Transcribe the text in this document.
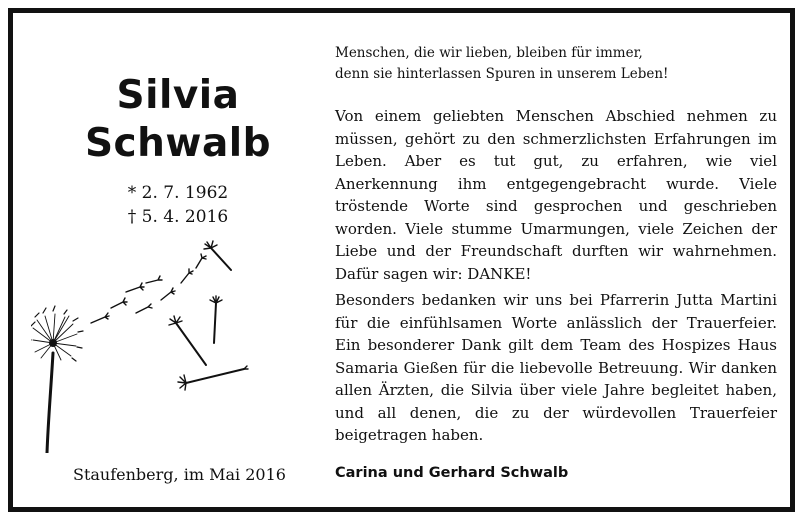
Silvia
Schwalb
* 2. 7. 1962
† 5. 4. 2016
Staufenberg, im Mai 2016
Menschen, die wir lieben, bleiben für immer,
denn sie hinterlassen Spuren in unserem Leben!
Von einem geliebten Menschen Abschied nehmen zu müssen, gehört zu den schmerzlichsten Erfahrungen im Leben. Aber es tut gut, zu erfahren, wie viel Anerkennung ihm entgegengebracht wurde. Viele tröstende Worte sind gesprochen und geschrieben worden. Viele stumme Umarmungen, viele Zeichen der Liebe und der Freundschaft durften wir wahrnehmen. Dafür sagen wir: DANKE!
Besonders bedanken wir uns bei Pfarrerin Jutta Martini für die einfühlsamen Worte anlässlich der Trauerfeier. Ein besonderer Dank gilt dem Team des Hospizes Haus Samaria Gießen für die liebevolle Betreuung. Wir danken allen Ärzten, die Silvia über viele Jahre begleitet haben, und all denen, die zu der würdevollen Trauerfeier beigetragen haben.
Carina und Gerhard Schwalb
